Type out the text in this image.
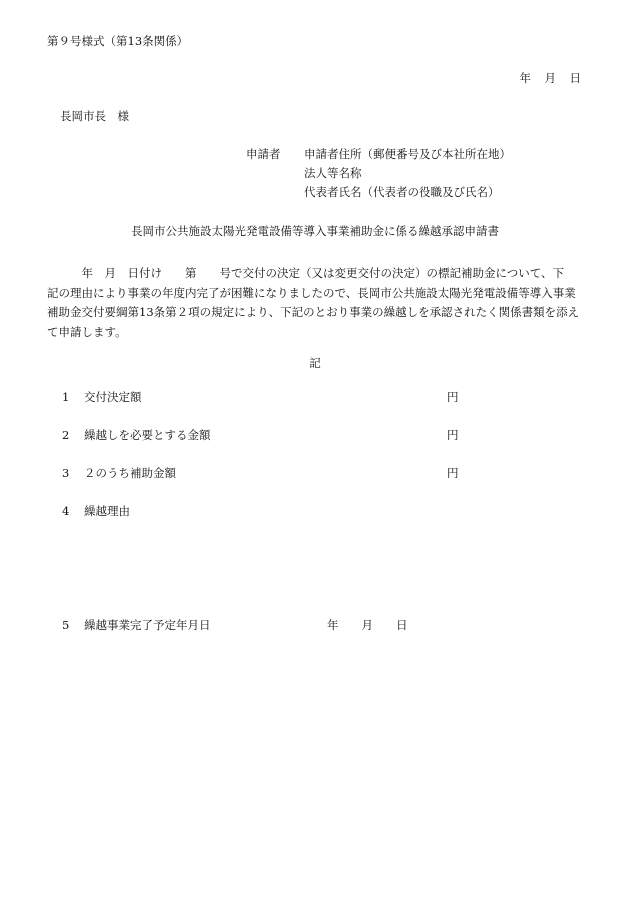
第９号様式（第13条関係）
年　月　日
長岡市長　様
申請者 申請者住所（郵便番号及び本社所在地）
法人等名称
代表者氏名（代表者の役職及び氏名）
長岡市公共施設太陽光発電設備等導入事業補助金に係る繰越承認申請書
　　　年　月　日付け　　第　　号で交付の決定（又は変更交付の決定）の標記補助金について、下
記の理由により事業の年度内完了が困難になりましたので、長岡市公共施設太陽光発電設備等導入事業
補助金交付要綱第13条第２項の規定により、下記のとおり事業の繰越しを承認されたく関係書類を添え
て申請します。
記
1 交付決定額	円
2 繰越しを必要とする金額	円
3 ２のうち補助金額	円
4 繰越理由
5 繰越事業完了予定年月日	年　　月　　日
